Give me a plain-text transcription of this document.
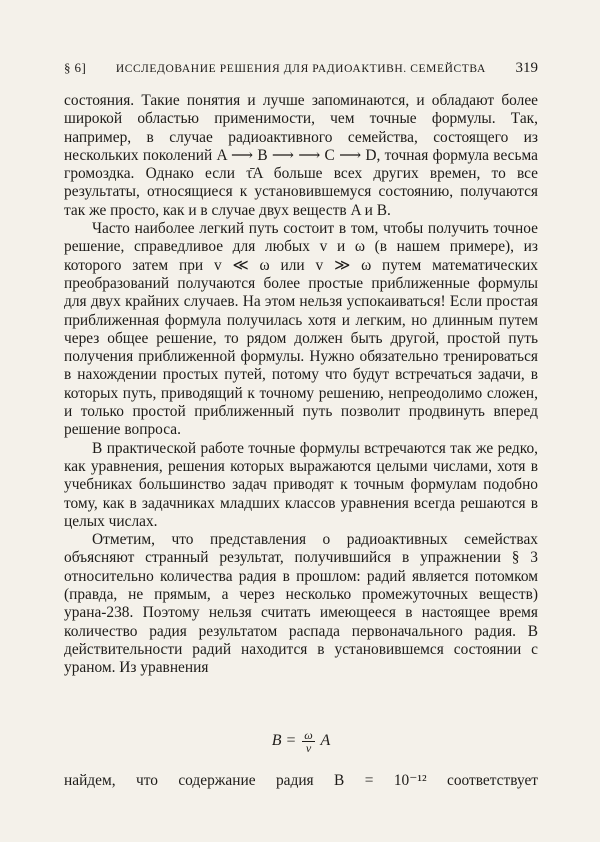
§ 6]	ИССЛЕДОВАНИЕ РЕШЕНИЯ ДЛЯ РАДИОАКТИВН. СЕМЕЙСТВА 319

состояния. Такие понятия и лучше запоминаются, и обладают более широкой областью применимости, чем точные формулы. Так, например, в случае радиоактивного семейства, состоящего из нескольких поколений A ⟶ B ⟶ ⟶ C ⟶ D, точная формула весьма громоздка. Однако если τ̄A больше всех других времен, то все результаты, относящиеся к установившемуся состоянию, получаются так же просто, как и в случае двух веществ A и B.

Часто наиболее легкий путь состоит в том, чтобы получить точное решение, справедливое для любых v и ω (в нашем примере), из которого затем при v ≪ ω или v ≫ ω путем математических преобразований получаются более простые приближенные формулы для двух крайних случаев. На этом нельзя успокаиваться! Если простая приближенная формула получилась хотя и легким, но длинным путем через общее решение, то рядом должен быть другой, простой путь получения приближенной формулы. Нужно обязательно тренироваться в нахождении простых путей, потому что будут встречаться задачи, в которых путь, приводящий к точному решению, непреодолимо сложен, и только простой приближенный путь позволит продвинуть вперед решение вопроса.

В практической работе точные формулы встречаются так же редко, как уравнения, решения которых выражаются целыми числами, хотя в учебниках большинство задач приводят к точным формулам подобно тому, как в задачниках младших классов уравнения всегда решаются в целых числах.

Отметим, что представления о радиоактивных семействах объясняют странный результат, получившийся в упражнении § 3 относительно количества радия в прошлом: радий является потомком (правда, не прямым, а через несколько промежуточных веществ) урана-238. Поэтому нельзя считать имеющееся в настоящее время количество радия результатом распада первоначального радия. В действительности радий находится в установившемся состоянии с ураном. Из уравнения

$B = \frac{\omega}{v}$ A
найдем, что содержание радия B = 10⁻¹² соответствует
